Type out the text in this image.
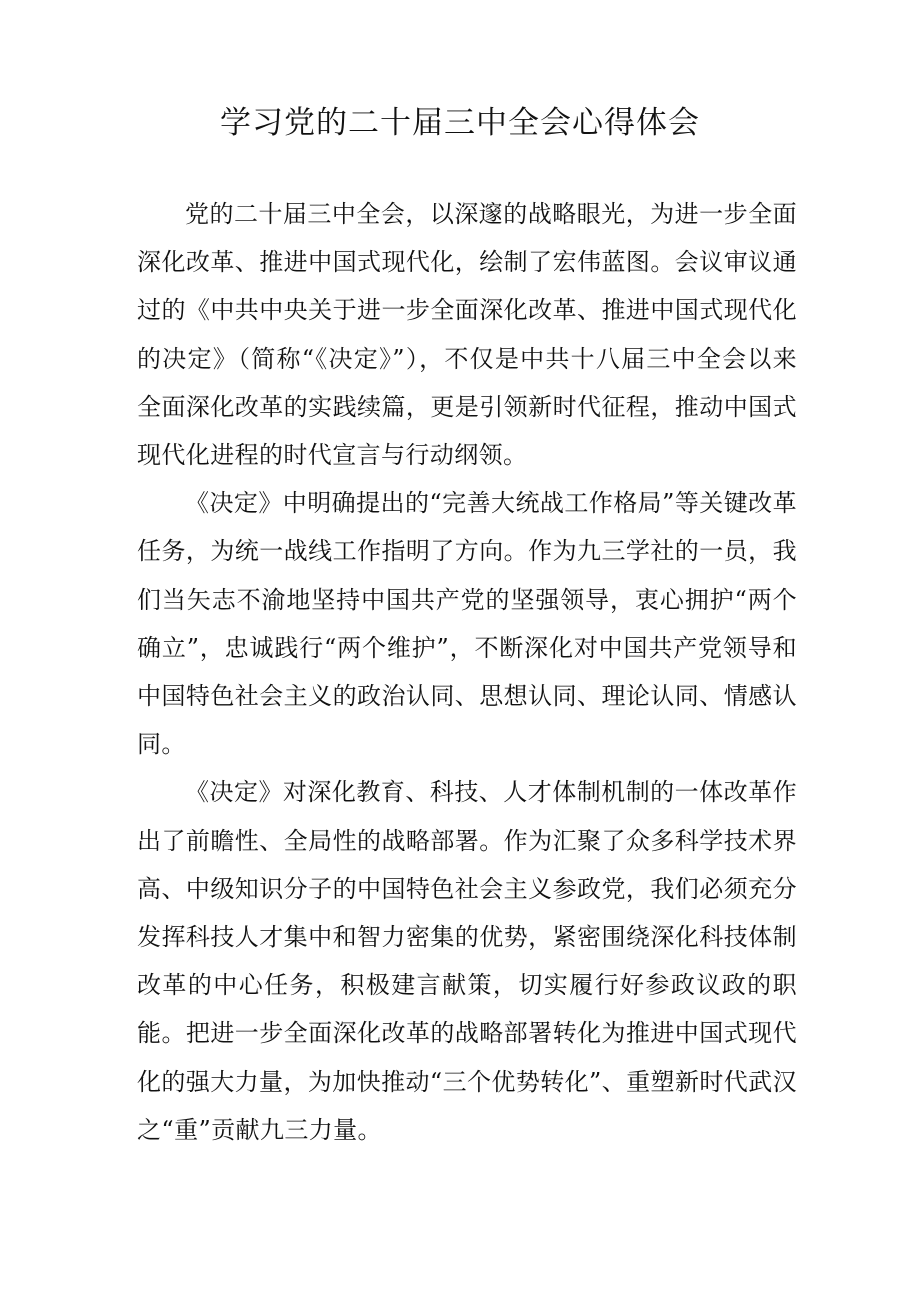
学习党的二十届三中全会心得体会

党的二十届三中全会，以深邃的战略眼光，为进一步全面深化改革、推进中国式现代化，绘制了宏伟蓝图。会议审议通过的《中共中央关于进一步全面深化改革、推进中国式现代化的决定》（简称“《决定》”），不仅是中共十八届三中全会以来全面深化改革的实践续篇，更是引领新时代征程，推动中国式现代化进程的时代宣言与行动纲领。

《决定》中明确提出的“完善大统战工作格局”等关键改革任务，为统一战线工作指明了方向。作为九三学社的一员，我们当矢志不渝地坚持中国共产党的坚强领导，衷心拥护“两个确立”，忠诚践行“两个维护”，不断深化对中国共产党领导和中国特色社会主义的政治认同、思想认同、理论认同、情感认同。

《决定》对深化教育、科技、人才体制机制的一体改革作出了前瞻性、全局性的战略部署。作为汇聚了众多科学技术界高、中级知识分子的中国特色社会主义参政党，我们必须充分发挥科技人才集中和智力密集的优势，紧密围绕深化科技体制改革的中心任务，积极建言献策，切实履行好参政议政的职能。把进一步全面深化改革的战略部署转化为推进中国式现代化的强大力量，为加快推动“三个优势转化”、重塑新时代武汉之“重”贡献九三力量。
